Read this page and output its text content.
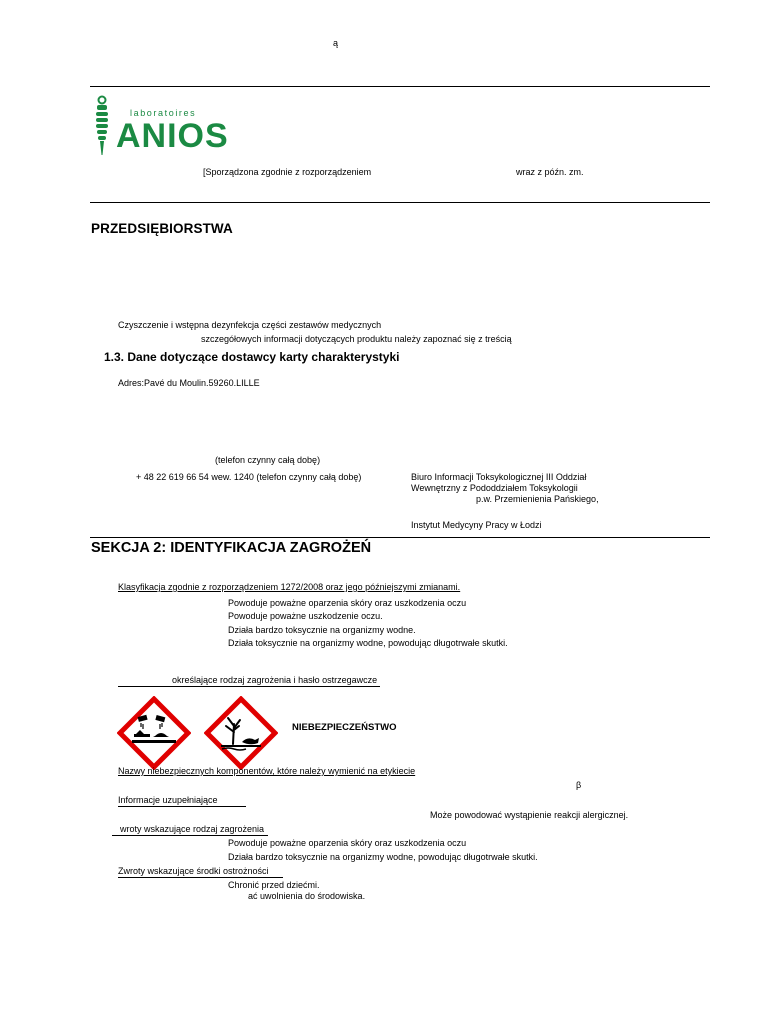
ą
laboratoires
ANIOS
[Sporządzona zgodnie z rozporządzeniem	wraz z późn. zm.
PRZEDSIĘBIORSTWA
Czyszczenie i wstępna dezynfekcja części zestawów medycznych
szczegółowych informacji dotyczących produktu należy zapoznać się z treścią
1.3. Dane dotyczące dostawcy karty charakterystyki
Adres:Pavé du Moulin.59260.LILLE
(telefon czynny całą dobę)
+ 48 22 619 66 54 wew. 1240 (telefon czynny całą dobę)	Biuro Informacji Toksykologicznej III Oddział
Wewnętrzny z Pododdziałem Toksykologii
p.w. Przemienienia Pańskiego,
Instytut Medycyny Pracy w Łodzi
SEKCJA 2: IDENTYFIKACJA ZAGROŻEŃ
Klasyfikacja zgodnie z rozporządzeniem 1272/2008 oraz jego późniejszymi zmianami.
Powoduje poważne oparzenia skóry oraz uszkodzenia oczu
Powoduje poważne uszkodzenie oczu.
Działa bardzo toksycznie na organizmy wodne.
Działa toksycznie na organizmy wodne, powodując długotrwałe skutki.
określające rodzaj zagrożenia i hasło ostrzegawcze
NIEBEZPIECZEŃSTWO
Nazwy niebezpiecznych komponentów, które należy wymienić na etykiecie
β
Informacje uzupełniające
Może powodować wystąpienie reakcji alergicznej.
wroty wskazujące rodzaj zagrożenia
Powoduje poważne oparzenia skóry oraz uszkodzenia oczu
Działa bardzo toksycznie na organizmy wodne, powodując długotrwałe skutki.
Zwroty wskazujące środki ostrożności
Chronić przed dziećmi.
ać uwolnienia do środowiska.
